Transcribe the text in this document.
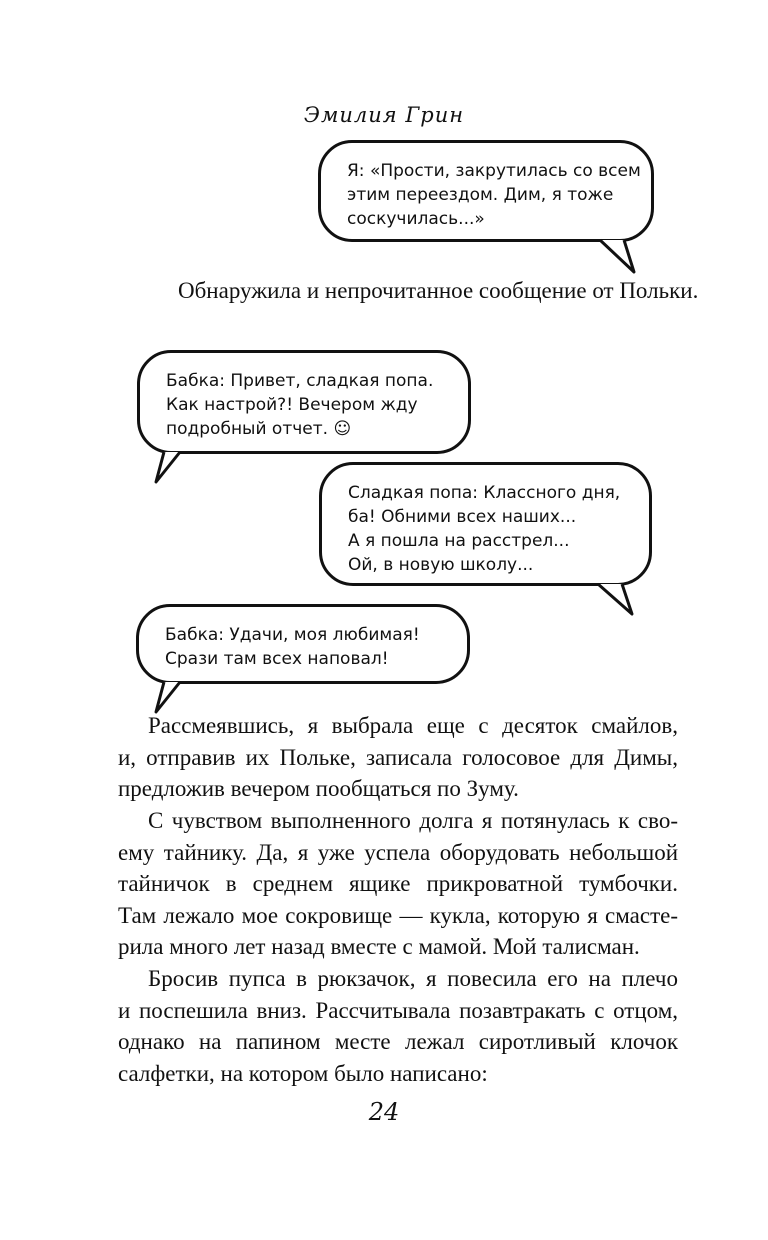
Эмилия Грин
Я: «Прости, закрутилась со всем
этим переездом. Дим, я тоже
соскучилась...»
Обнаружила и непрочитанное сообщение от Польки.
Бабка: Привет, сладкая попа.
Как настрой?! Вечером жду
подробный отчет. ☺
Сладкая попа: Классного дня,
ба! Обними всех наших...
А я пошла на расстрел...
Ой, в новую школу...
Бабка: Удачи, моя любимая!
Срази там всех наповал!
Рассмеявшись, я выбрала еще с десяток смайлов,
и, отправив их Польке, записала голосовое для Димы,
предложив вечером пообщаться по Зуму.
С чувством выполненного долга я потянулась к сво-
ему тайнику. Да, я уже успела оборудовать небольшой
тайничок в среднем ящике прикроватной тумбочки.
Там лежало мое сокровище — кукла, которую я смасте-
рила много лет назад вместе с мамой. Мой талисман.
Бросив пупса в рюкзачок, я повесила его на плечо
и поспешила вниз. Рассчитывала позавтракать с отцом,
однако на папином месте лежал сиротливый клочок
салфетки, на котором было написано:
24
